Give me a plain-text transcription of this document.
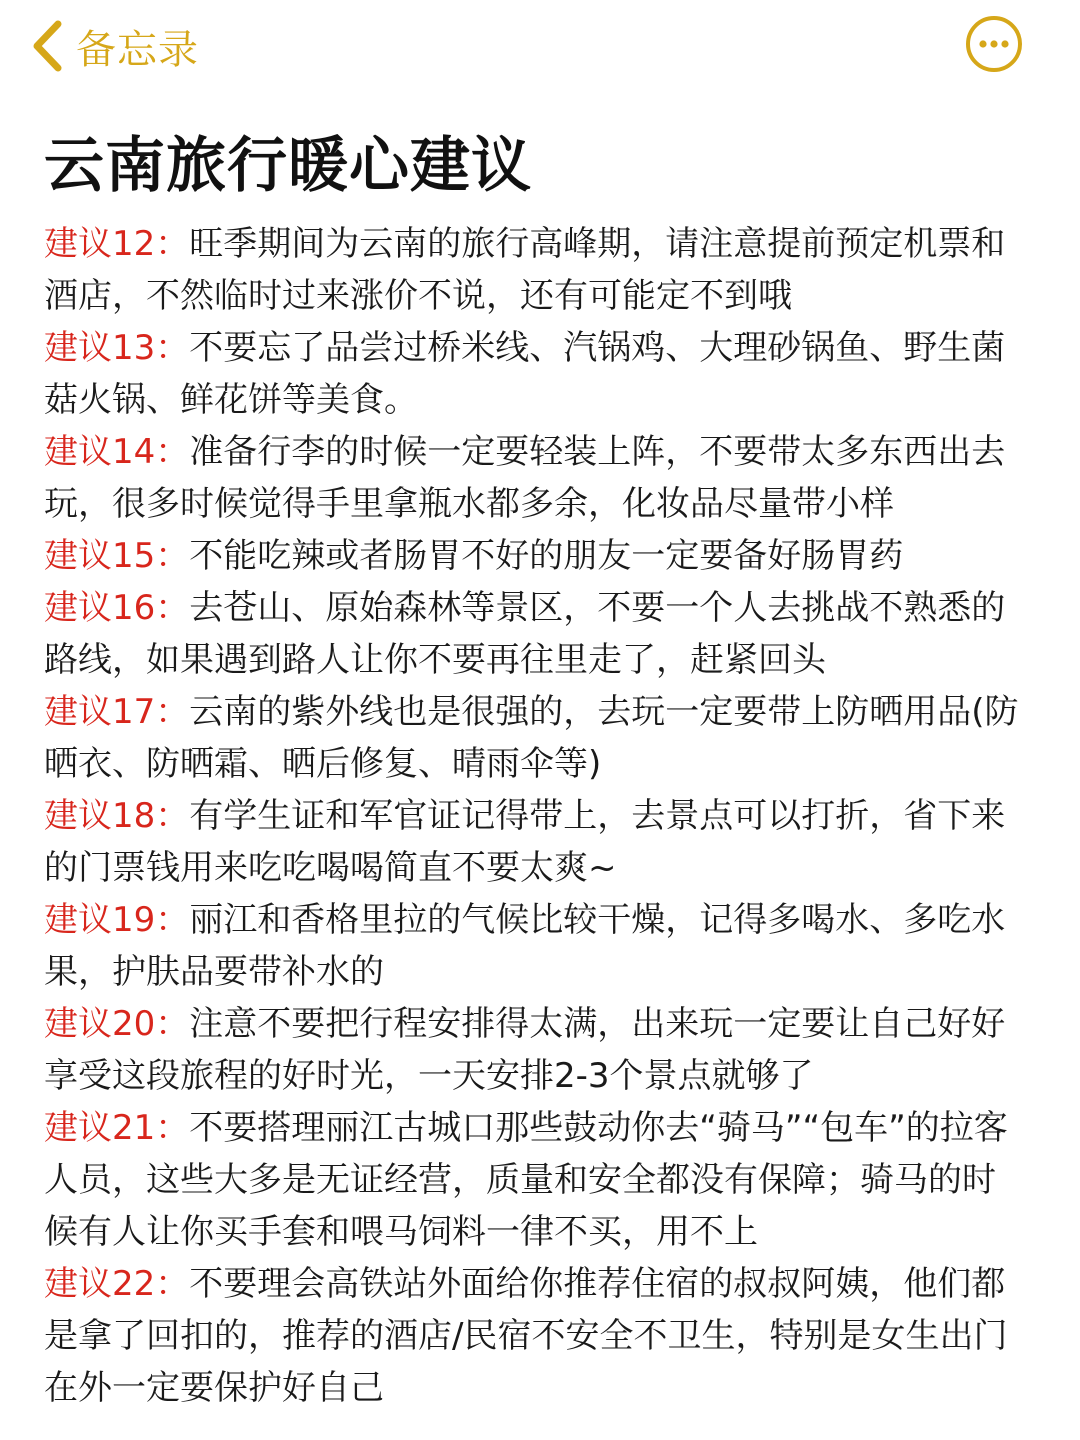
备忘录
云南旅行暖心建议

建议12：旺季期间为云南的旅行高峰期，请注意提前预定机票和酒店，不然临时过来涨价不说，还有可能定不到哦

建议13：不要忘了品尝过桥米线、汽锅鸡、大理砂锅鱼、野生菌菇火锅、鲜花饼等美食。

建议14：准备行李的时候一定要轻装上阵，不要带太多东西出去玩，很多时候觉得手里拿瓶水都多余，化妆品尽量带小样

建议15：不能吃辣或者肠胃不好的朋友一定要备好肠胃药

建议16：去苍山、原始森林等景区，不要一个人去挑战不熟悉的路线，如果遇到路人让你不要再往里走了，赶紧回头

建议17：云南的紫外线也是很强的，去玩一定要带上防晒用品(防晒衣、防晒霜、晒后修复、晴雨伞等)

建议18：有学生证和军官证记得带上，去景点可以打折，省下来的门票钱用来吃吃喝喝简直不要太爽~

建议19：丽江和香格里拉的气候比较干燥，记得多喝水、多吃水果，护肤品要带补水的

建议20：注意不要把行程安排得太满，出来玩一定要让自己好好享受这段旅程的好时光，一天安排2-3个景点就够了

建议21：不要搭理丽江古城口那些鼓动你去“骑马”“包车”的拉客人员，这些大多是无证经营，质量和安全都没有保障；骑马的时候有人让你买手套和喂马饲料一律不买，用不上

建议22：不要理会高铁站外面给你推荐住宿的叔叔阿姨，他们都是拿了回扣的，推荐的酒店/民宿不安全不卫生，特别是女生出门在外一定要保护好自己
